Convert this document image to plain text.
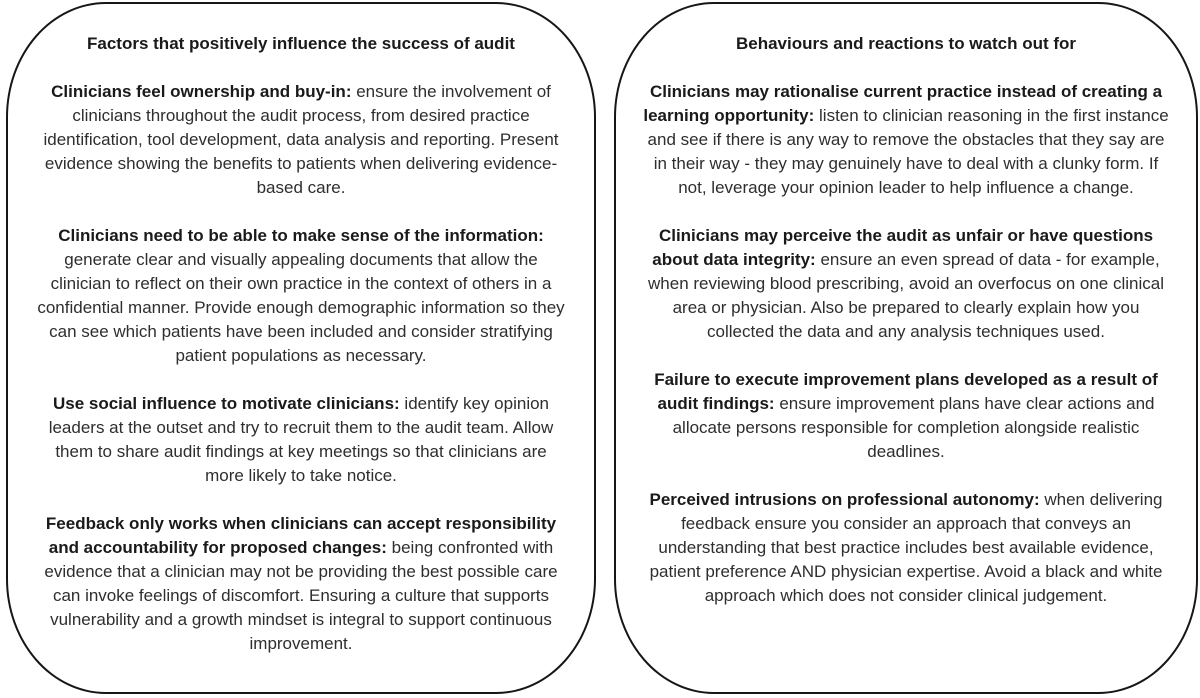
Factors that positively influence the success of audit

Clinicians feel ownership and buy-in: ensure the involvement of clinicians throughout the audit process, from desired practice identification, tool development, data analysis and reporting. Present evidence showing the benefits to patients when delivering evidence-based care.

Clinicians need to be able to make sense of the information: generate clear and visually appealing documents that allow the clinician to reflect on their own practice in the context of others in a confidential manner. Provide enough demographic information so they can see which patients have been included and consider stratifying patient populations as necessary.

Use social influence to motivate clinicians: identify key opinion leaders at the outset and try to recruit them to the audit team. Allow them to share audit findings at key meetings so that clinicians are more likely to take notice.

Feedback only works when clinicians can accept responsibility and accountability for proposed changes: being confronted with evidence that a clinician may not be providing the best possible care can invoke feelings of discomfort. Ensuring a culture that supports vulnerability and a growth mindset is integral to support continuous improvement.

Behaviours and reactions to watch out for

Clinicians may rationalise current practice instead of creating a learning opportunity: listen to clinician reasoning in the first instance and see if there is any way to remove the obstacles that they say are in their way - they may genuinely have to deal with a clunky form. If not, leverage your opinion leader to help influence a change.

Clinicians may perceive the audit as unfair or have questions about data integrity: ensure an even spread of data - for example, when reviewing blood prescribing, avoid an overfocus on one clinical area or physician. Also be prepared to clearly explain how you collected the data and any analysis techniques used.

Failure to execute improvement plans developed as a result of audit findings: ensure improvement plans have clear actions and allocate persons responsible for completion alongside realistic deadlines.

Perceived intrusions on professional autonomy: when delivering feedback ensure you consider an approach that conveys an understanding that best practice includes best available evidence, patient preference AND physician expertise. Avoid a black and white approach which does not consider clinical judgement.
